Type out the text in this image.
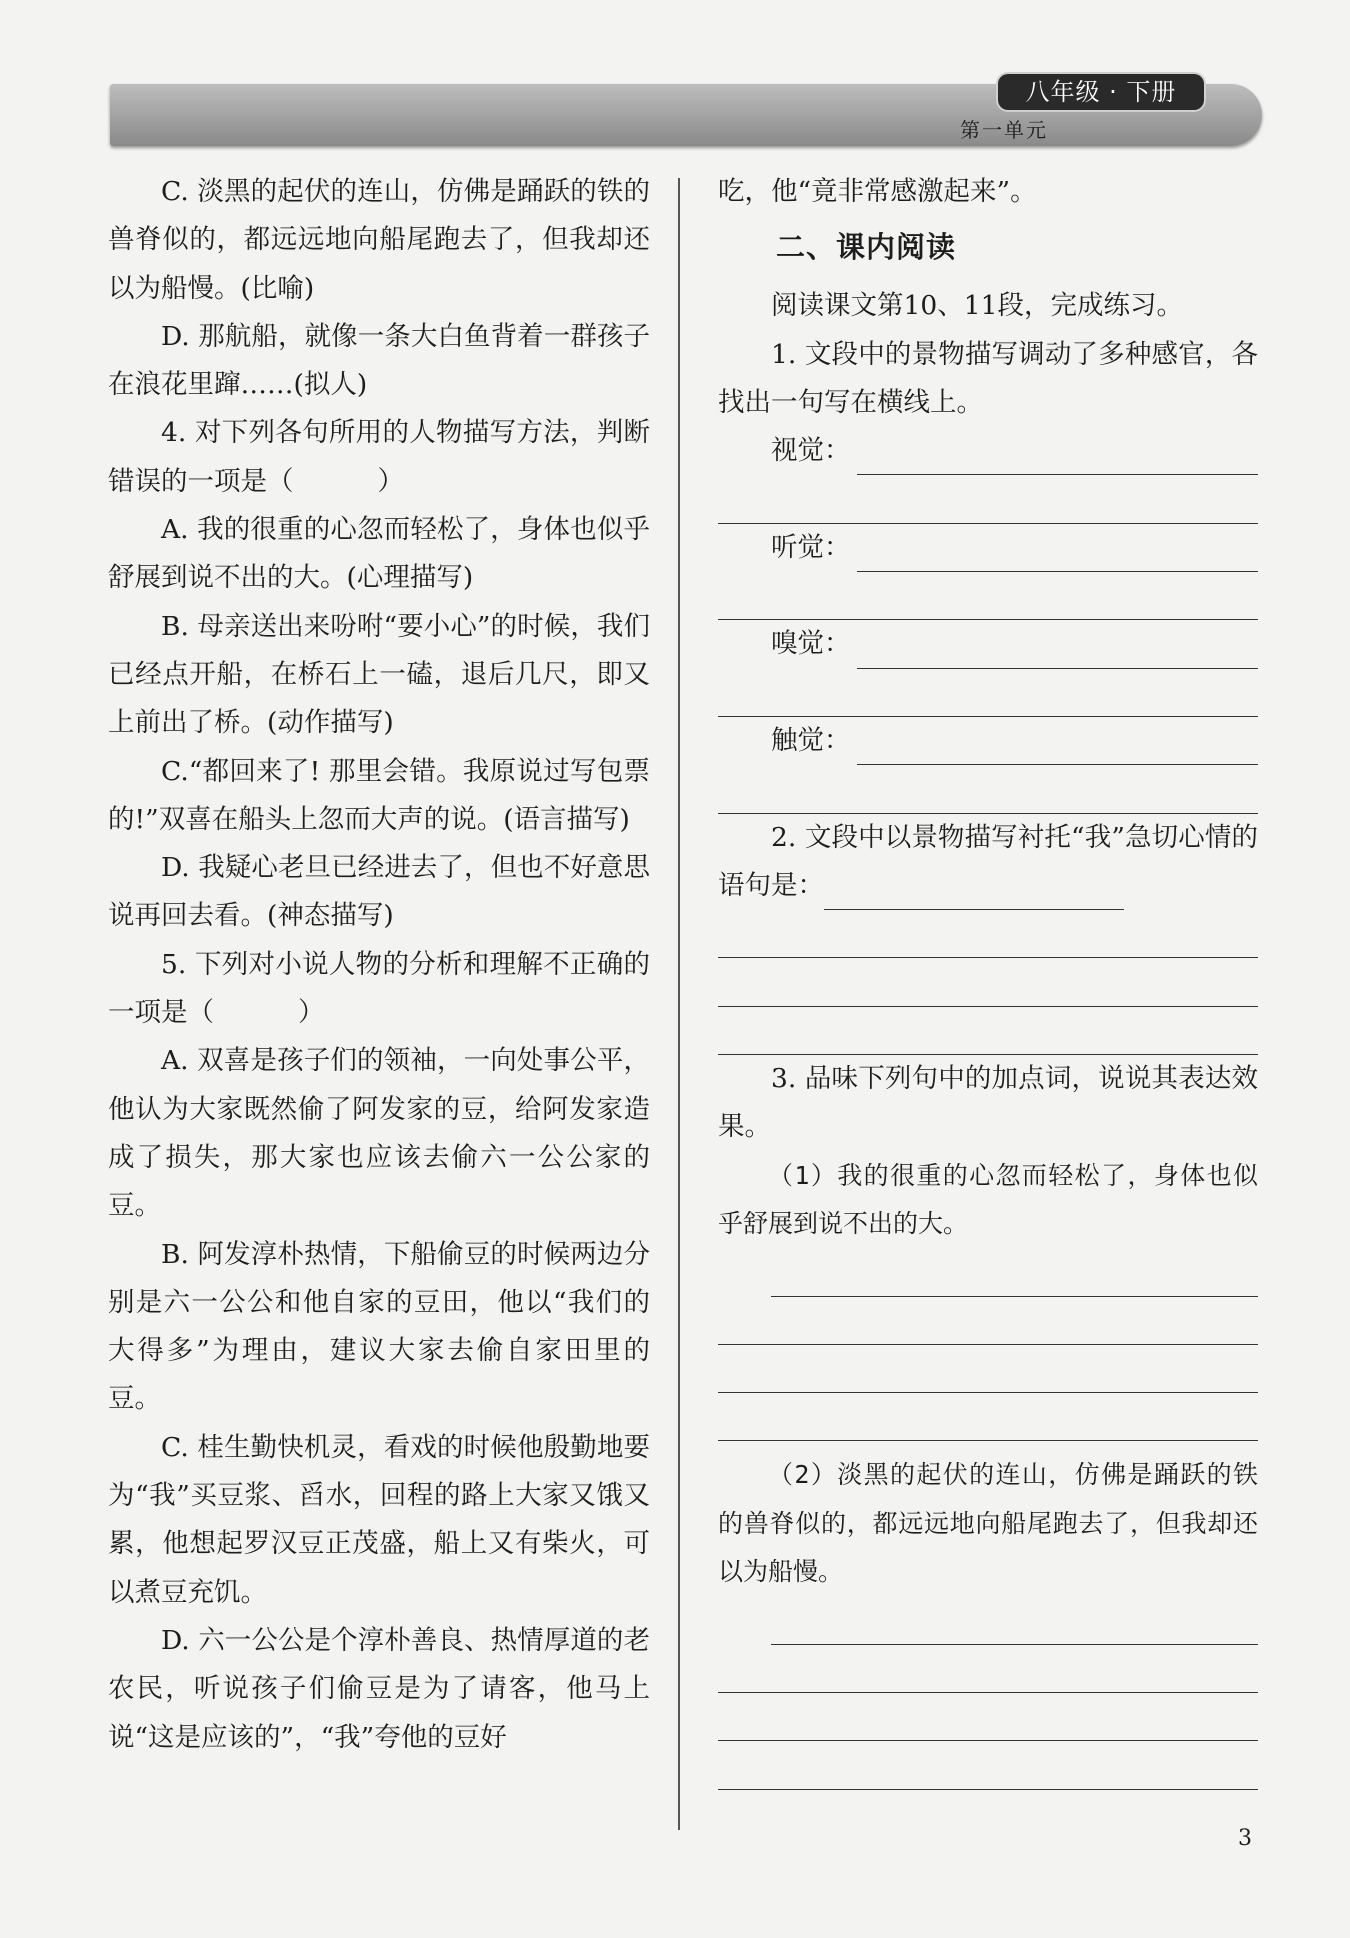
八年级 · 下册
第一单元

C. 淡黑的起伏的连山，仿佛是踊跃的铁的兽脊似的，都远远地向船尾跑去了，但我却还以为船慢。(比喻)

D. 那航船，就像一条大白鱼背着一群孩子在浪花里蹿……(拟人)

4. 对下列各句所用的人物描写方法，判断错误的一项是（	）

A. 我的很重的心忽而轻松了，身体也似乎舒展到说不出的大。(心理描写)

B. 母亲送出来吩咐“要小心”的时候，我们已经点开船，在桥石上一磕，退后几尺，即又上前出了桥。(动作描写)

C.“都回来了! 那里会错。我原说过写包票的!”双喜在船头上忽而大声的说。(语言描写)

D. 我疑心老旦已经进去了，但也不好意思说再回去看。(神态描写)

5. 下列对小说人物的分析和理解不正确的一项是（	）

A. 双喜是孩子们的领袖，一向处事公平，他认为大家既然偷了阿发家的豆，给阿发家造成了损失，那大家也应该去偷六一公公家的豆。

B. 阿发淳朴热情，下船偷豆的时候两边分别是六一公公和他自家的豆田，他以“我们的大得多”为理由，建议大家去偷自家田里的豆。

C. 桂生勤快机灵，看戏的时候他殷勤地要为“我”买豆浆、舀水，回程的路上大家又饿又累，他想起罗汉豆正茂盛，船上又有柴火，可以煮豆充饥。

D. 六一公公是个淳朴善良、热情厚道的老农民，听说孩子们偷豆是为了请客，他马上说“这是应该的”，“我”夸他的豆好

吃，他“竟非常感激起来”。

二、课内阅读

阅读课文第10、11段，完成练习。

1. 文段中的景物描写调动了多种感官，各找出一句写在横线上。

视觉：
听觉：
嗅觉：
触觉：

2. 文段中以景物描写衬托“我”急切心情的语句是：

3. 品味下列句中的加点词，说说其表达效果。

（1）我的很重的心忽而轻松了，身体也似乎舒展到说不出的大。

（2）淡黑的起伏的连山，仿佛是踊跃的铁的兽脊似的，都远远地向船尾跑去了，但我却还以为船慢。

3
